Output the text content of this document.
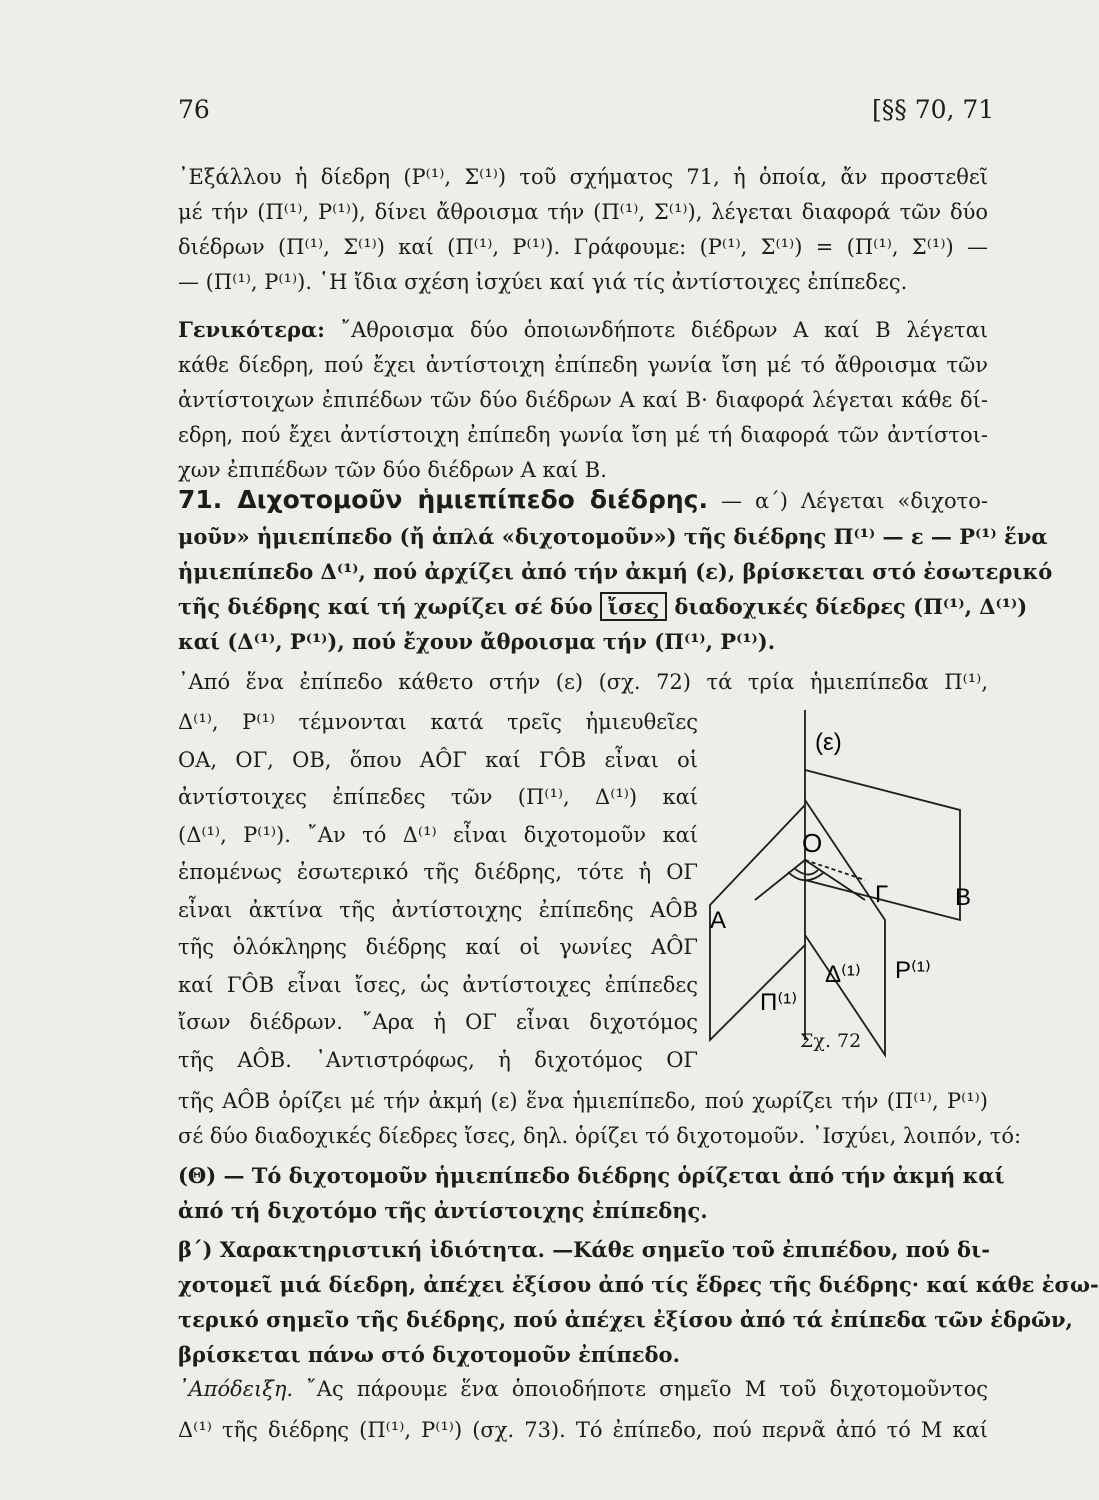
76	[§§ 70, 71
᾿Εξάλλου ἡ δίεδρη (Ρ⁽¹⁾, Σ⁽¹⁾) τοῦ σχήματος 71, ἡ ὁποία, ἄν προστεθεῖ
μέ τήν (Π⁽¹⁾, Ρ⁽¹⁾), δίνει ἄθροισμα τήν (Π⁽¹⁾, Σ⁽¹⁾), λέγεται διαφορά τῶν δύο
διέδρων (Π⁽¹⁾, Σ⁽¹⁾) καί (Π⁽¹⁾, Ρ⁽¹⁾). Γράφουμε: (Ρ⁽¹⁾, Σ⁽¹⁾) = (Π⁽¹⁾, Σ⁽¹⁾) —
— (Π⁽¹⁾, Ρ⁽¹⁾). ῾Η ἴδια σχέση ἰσχύει καί γιά τίς ἀντίστοιχες ἐπίπεδες.
Γενικότερα: ῎Αθροισμα δύο ὁποιωνδήποτε διέδρων Α καί Β λέγεται
κάθε δίεδρη, πού ἔχει ἀντίστοιχη ἐπίπεδη γωνία ἴση μέ τό ἄθροισμα τῶν
ἀντίστοιχων ἐπιπέδων τῶν δύο διέδρων Α καί Β· διαφορά λέγεται κάθε δί-
εδρη, πού ἔχει ἀντίστοιχη ἐπίπεδη γωνία ἴση μέ τή διαφορά τῶν ἀντίστοι-
χων ἐπιπέδων τῶν δύο διέδρων Α καί Β.
71. Διχοτομοῦν ἡμιεπίπεδο διέδρης. — α΄) Λέγεται «διχοτο-
μοῦν» ἡμιεπίπεδο (ἤ ἁπλά «διχοτομοῦν») τῆς διέδρης Π⁽¹⁾ — ε — Ρ⁽¹⁾ ἕνα
ἡμιεπίπεδο Δ⁽¹⁾, πού ἀρχίζει ἀπό τήν ἀκμή (ε), βρίσκεται στό ἐσωτερικό
τῆς διέδρης καί τή χωρίζει σέ δύο ἴσες διαδοχικές δίεδρες (Π⁽¹⁾, Δ⁽¹⁾)
καί (Δ⁽¹⁾, Ρ⁽¹⁾), πού ἔχουν ἄθροισμα τήν (Π⁽¹⁾, Ρ⁽¹⁾).
᾿Από ἕνα ἐπίπεδο κάθετο στήν (ε) (σχ. 72) τά τρία ἡμιεπίπεδα Π⁽¹⁾,
Δ⁽¹⁾, Ρ⁽¹⁾ τέμνονται κατά τρεῖς ἡμιευθεῖες
ΟΑ, ΟΓ, ΟΒ, ὅπου ΑÔΓ καί ΓÔΒ εἶναι οἱ
ἀντίστοιχες ἐπίπεδες τῶν (Π⁽¹⁾, Δ⁽¹⁾) καί
(Δ⁽¹⁾, Ρ⁽¹⁾). ῎Αν τό Δ⁽¹⁾ εἶναι διχοτομοῦν καί
ἑπομένως ἐσωτερικό τῆς διέδρης, τότε ἡ ΟΓ
εἶναι ἀκτίνα τῆς ἀντίστοιχης ἐπίπεδης ΑÔΒ
τῆς ὁλόκληρης διέδρης καί οἱ γωνίες ΑÔΓ
καί ΓÔΒ εἶναι ἴσες, ὡς ἀντίστοιχες ἐπίπεδες
ἴσων διέδρων. ῎Αρα ἡ ΟΓ εἶναι διχοτόμος
τῆς ΑÔΒ. ᾿Αντιστρόφως, ἡ διχοτόμος ΟΓ
τῆς ΑÔΒ ὁρίζει μέ τήν ἀκμή (ε) ἕνα ἡμιεπίπεδο, πού χωρίζει τήν (Π⁽¹⁾, Ρ⁽¹⁾)
σέ δύο διαδοχικές δίεδρες ἴσες, δηλ. ὁρίζει τό διχοτομοῦν. ᾿Ισχύει, λοιπόν, τό:
(Θ) — Τό διχοτομοῦν ἡμιεπίπεδο διέδρης ὁρίζεται ἀπό τήν ἀκμή καί
ἀπό τή διχοτόμο τῆς ἀντίστοιχης ἐπίπεδης.
β΄) Χαρακτηριστική ἰδιότητα. —Κάθε σημεῖο τοῦ ἐπιπέδου, πού δι-
χοτομεῖ μιά δίεδρη, ἀπέχει ἐξίσου ἀπό τίς ἕδρες τῆς διέδρης· καί κάθε ἐσω-
τερικό σημεῖο τῆς διέδρης, πού ἀπέχει ἐξίσου ἀπό τά ἐπίπεδα τῶν ἑδρῶν,
βρίσκεται πάνω στό διχοτομοῦν ἐπίπεδο.
᾿Απόδειξη. ῎Ας πάρουμε ἕνα ὁποιοδήποτε σημεῖο Μ τοῦ διχοτομοῦντος
Δ⁽¹⁾ τῆς διέδρης (Π⁽¹⁾, Ρ⁽¹⁾) (σχ. 73). Τό ἐπίπεδο, πού περνᾶ ἀπό τό Μ καί
(ε)
O
A
B
Γ
Δ⁽¹⁾ Ρ⁽¹⁾
Π⁽¹⁾
Σχ. 72
